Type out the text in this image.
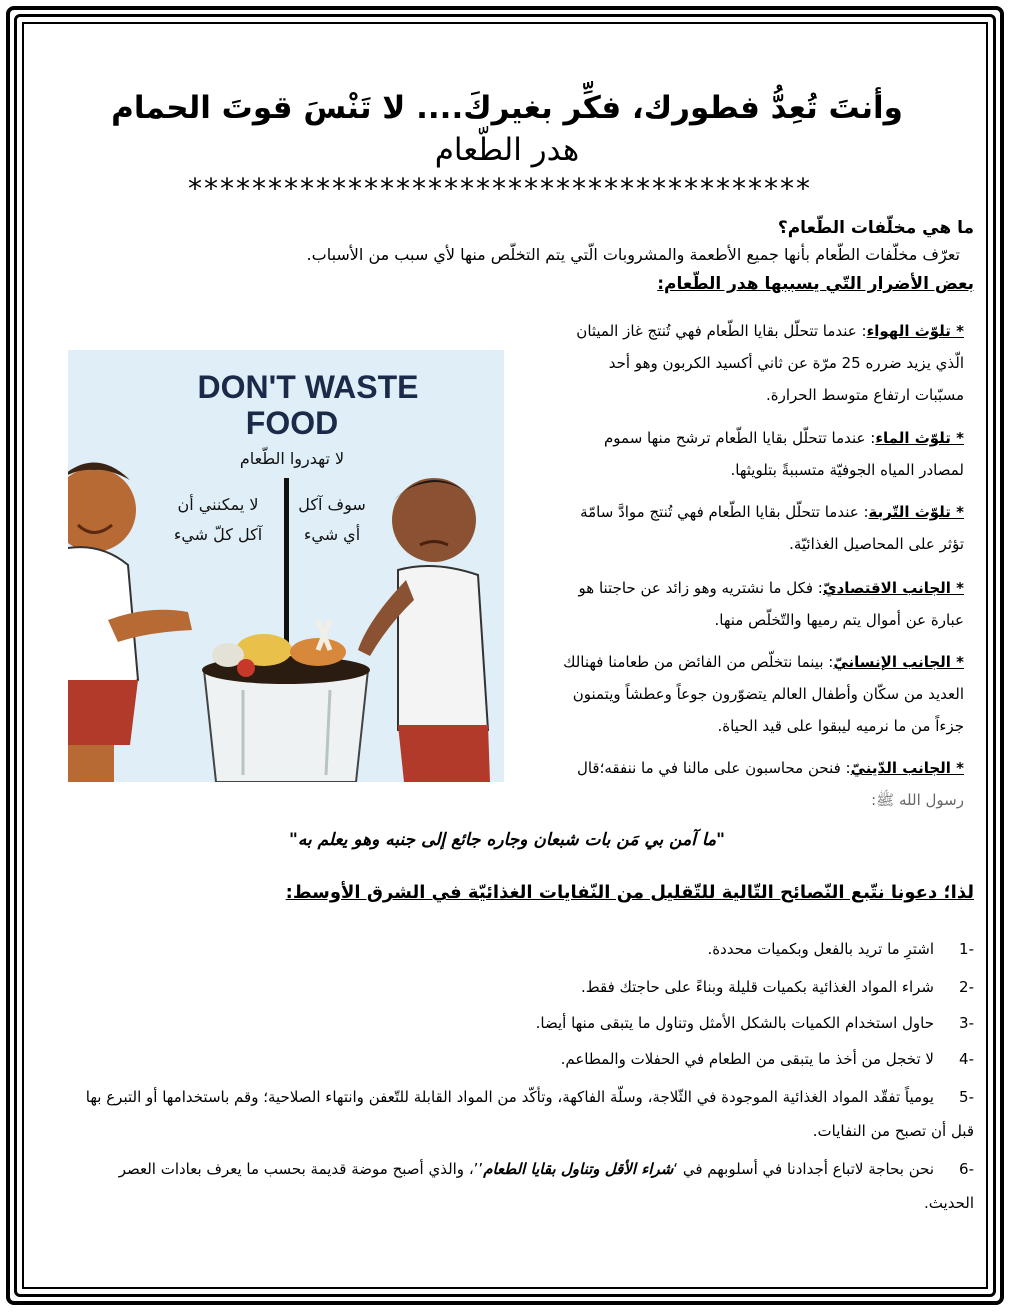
وأنتَ تُعِدُّ فطورك، فكِّر بغيركَ.... لا تَنْسَ قوتَ الحمام
هدر الطّعام
***************************************
ما هي مخلّفات الطّعام؟
تعرّف مخلّفات الطّعام بأنها جميع الأطعمة والمشروبات الّتي يتم التخلّص منها لأي سبب من الأسباب.
بعض الأضرار التّي يسببها هدر الطّعام:
* تلوّث الهواء: عندما تتحلّل بقايا الطّعام فهي تُنتج غاز الميثان الّذي يزيد ضرره 25 مرّة عن ثاني أكسيد الكربون وهو أحد مسبّبات ارتفاع متوسط الحرارة.
* تلوّث الماء: عندما تتحلّل بقايا الطّعام ترشح منها سموم لمصادر المياه الجوفيّة متسببةً بتلويثها.
* تلوّث التّربة: عندما تتحلّل بقايا الطّعام فهي تُنتج موادَّ سامّة تؤثر على المحاصيل الغذائيّة.
* الجانب الاقتصاديّ: فكل ما نشتريه وهو زائد عن حاجتنا هو عبارة عن أموال يتم رميها والتّخلّص منها.
* الجانب الإنسانيّ: بينما نتخلّص من الفائض من طعامنا فهنالك العديد من سكّان وأطفال العالم يتضوّرون جوعاً وعطشاً ويتمنون جزءاً من ما نرميه ليبقوا على قيد الحياة.
* الجانب الدّينيّ: فنحن محاسبون على مالنا في ما ننفقه؛قال
رسول الله ﷺ:
DON'T WASTE
FOOD
لا تهدروا الطّعام
لا يمكنني أن
آكل كلّ شيء
سوف آكل
أي شيء
"ما آمن بي مَن بات شبعان وجاره جائع إلى جنبه وهو يعلم به"
لذا؛ دعونا نتّبع النّصائح التّالية للتّقليل من النّفايات الغذائيّة في الشرق الأوسط:
-1اشترِ ما تريد بالفعل وبكميات محددة.
-2شراء المواد الغذائية بكميات قليلة وبناءً على حاجتك فقط.
-3حاول استخدام الكميات بالشكل الأمثل وتناول ما يتبقى منها أيضا.
-4لا تخجل من أخذ ما يتبقى من الطعام في الحفلات والمطاعم.
-5يومياً تفقّد المواد الغذائية الموجودة في الثّلاجة، وسلّة الفاكهة، وتأكّد من المواد القابلة للتّعفن وانتهاء الصلاحية؛ وقم باستخدامها أو التبرع بها قبل أن تصبح من النفايات.
-6نحن بحاجة لاتباع أجدادنا في أسلوبهم في ‘شراء الأقل وتناول بقايا الطعام’’، والذي أصبح موضة قديمة بحسب ما يعرف بعادات العصر الحديث.
